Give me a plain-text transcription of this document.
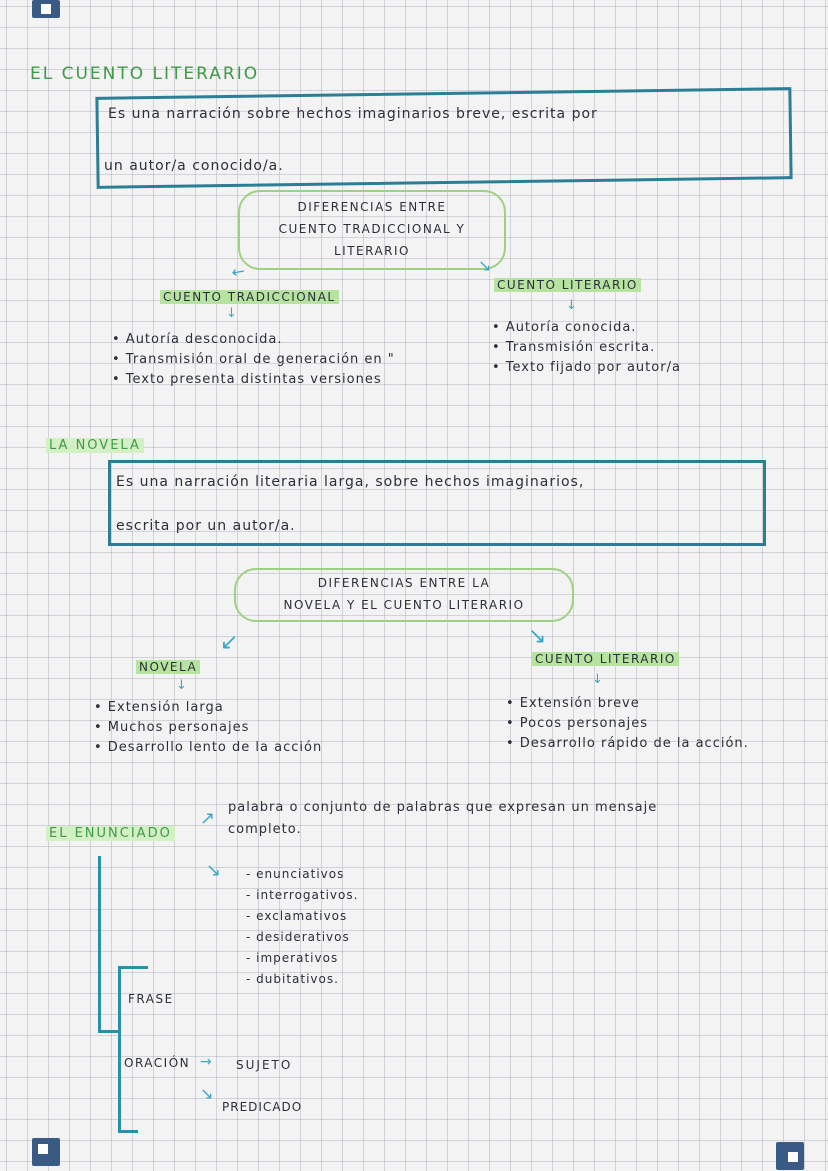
EL CUENTO LITERARIO
Es una narración sobre hechos imaginarios breve, escrita por
un autor/a conocido/a.
DIFERENCIAS ENTRE
CUENTO TRADICCIONAL Y
LITERARIO
↙	↘
CUENTO TRADICCIONAL
↓
CUENTO LITERARIO
↓
• Autoría desconocida.
• Transmisión oral de generación en "
• Texto presenta distintas versiones
• Autoría conocida.
• Transmisión escrita.
• Texto fijado por autor/a
LA NOVELA
Es una narración literaria larga, sobre hechos imaginarios,
escrita por un autor/a.
DIFERENCIAS ENTRE LA
NOVELA Y EL CUENTO LITERARIO
↙	↘
NOVELA
↓
CUENTO LITERARIO
↓
• Extensión larga
• Muchos personajes
• Desarrollo lento de la acción
• Extensión breve
• Pocos personajes
• Desarrollo rápido de la acción.
EL ENUNCIADO
↗
↘
palabra o conjunto de palabras que expresan un mensaje
completo.
- enunciativos
- interrogativos.
- exclamativos
- desiderativos
- imperativos
- dubitativos.
FRASE
ORACIÓN → SUJETO
↘
PREDICADO
